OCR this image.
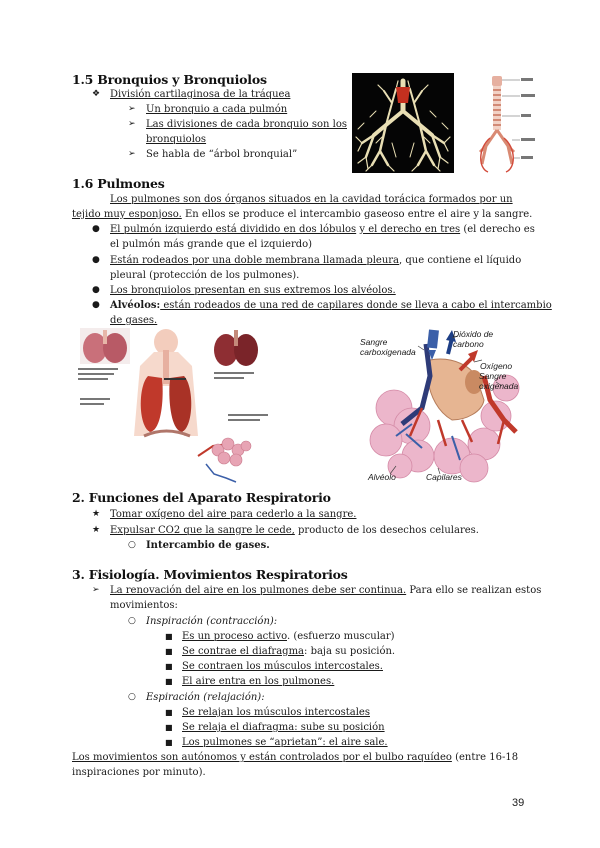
1.5 Bronquios y Bronquiolos
❖ División cartilaginosa de la tráquea
➢ Un bronquio a cada pulmón
➢ Las divisiones de cada bronquio son los
bronquiolos
➢ Se habla de “árbol bronquial”
1.6 Pulmones
Los pulmones son dos órganos situados en la cavidad torácica formados por un
tejido muy esponjoso. En ellos se produce el intercambio gaseoso entre el aire y la sangre.
● El pulmón izquierdo está dividido en dos lóbulos y el derecho en tres (el derecho es
el pulmón más grande que el izquierdo)
● Están rodeados por una doble membrana llamada pleura, que contiene el líquido
pleural (protección de los pulmones).
● Los bronquiolos presentan en sus extremos los alvéolos.
● Alvéolos: están rodeados de una red de capilares donde se lleva a cabo el intercambio
de gases.
Sangre
carboxigenada
Dióxido de
carbono
Oxígeno
Sangre
oxigenada
Alvéolo	Capilares
2. Funciones del Aparato Respiratorio
★ Tomar oxígeno del aire para cederlo a la sangre.
★ Expulsar CO2 que la sangre le cede, producto de los desechos celulares.
○ Intercambio de gases.
3. Fisiología. Movimientos Respiratorios
➢ La renovación del aire en los pulmones debe ser continua. Para ello se realizan estos
movimientos:
○ Inspiración (contracción):
■ Es un proceso activo. (esfuerzo muscular)
■ Se contrae el diafragma: baja su posición.
■ Se contraen los músculos intercostales.
■ El aire entra en los pulmones.
○ Espiración (relajación):
■ Se relajan los músculos intercostales
■ Se relaja el diafragma: sube su posición
■ Los pulmones se “aprietan”: el aire sale.
Los movimientos son autónomos y están controlados por el bulbo raquídeo (entre 16-18
inspiraciones por minuto).
39
